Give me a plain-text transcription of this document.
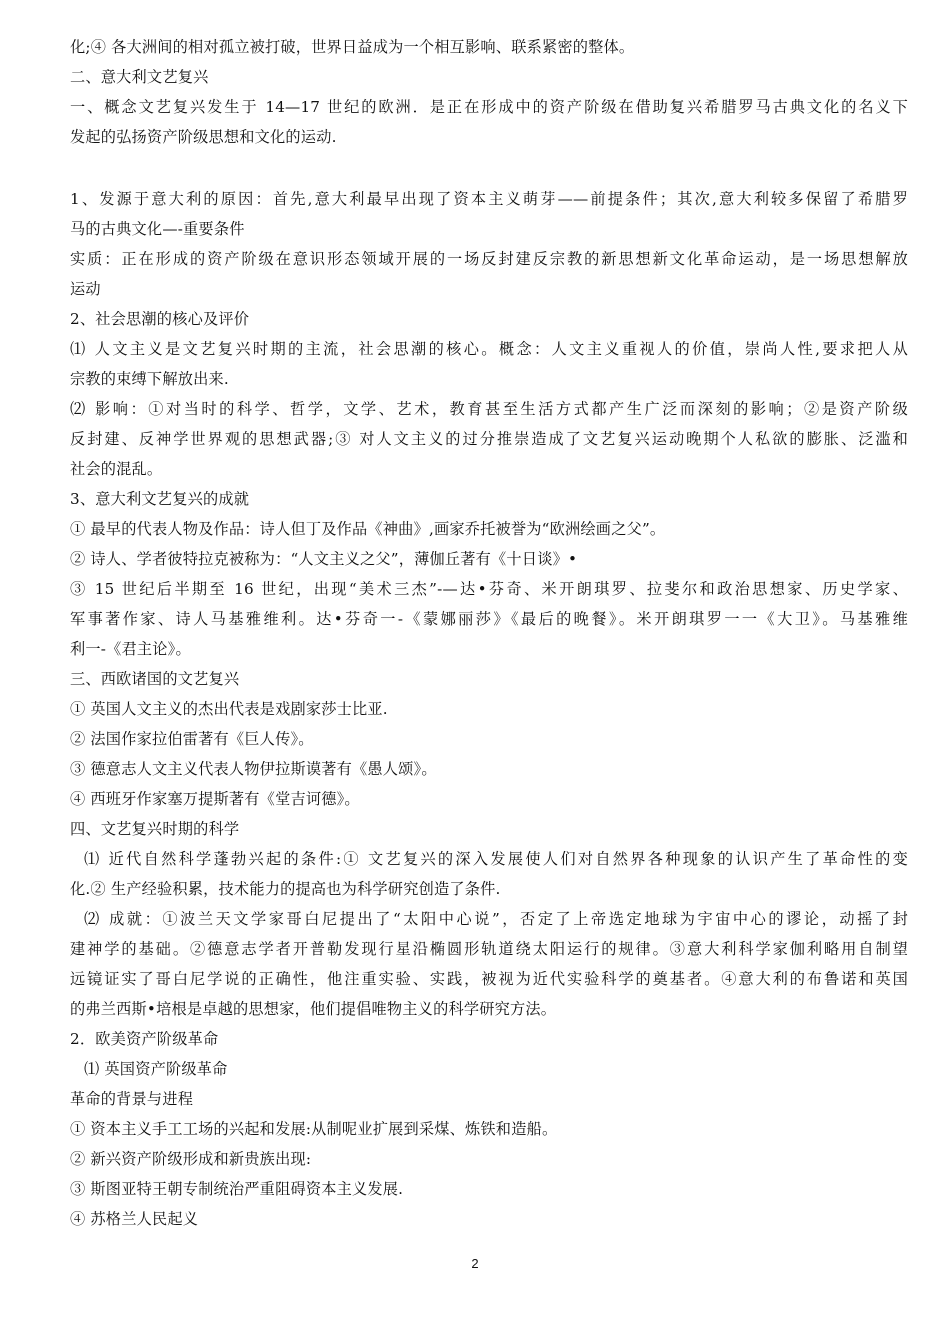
化;④ 各大洲间的相对孤立被打破，世界日益成为一个相互影响、联系紧密的整体。
二、意大利文艺复兴
一、概念文艺复兴发生于 14—17 世纪的欧洲．是正在形成中的资产阶级在借助复兴希腊罗马古典文化的名义下
发起的弘扬资产阶级思想和文化的运动.
1、发源于意大利的原因：首先,意大利最早出现了资本主义萌芽——前提条件；其次,意大利较多保留了希腊罗
马的古典文化—-重要条件
实质：正在形成的资产阶级在意识形态领域开展的一场反封建反宗教的新思想新文化革命运动，是一场思想解放
运动
2、社会思潮的核心及评价
⑴ 人文主义是文艺复兴时期的主流，社会思潮的核心。概念：人文主义重视人的价值，崇尚人性,要求把人从
宗教的束缚下解放出来.
⑵ 影响：①对当时的科学、哲学，文学、艺术，教育甚至生活方式都产生广泛而深刻的影响；②是资产阶级
反封建、反神学世界观的思想武器;③ 对人文主义的过分推崇造成了文艺复兴运动晚期个人私欲的膨胀、泛滥和
社会的混乱。
3、意大利文艺复兴的成就
① 最早的代表人物及作品：诗人但丁及作品《神曲》,画家乔托被誉为“欧洲绘画之父”。
② 诗人、学者彼特拉克被称为：“人文主义之父”，薄伽丘著有《十日谈》•
③ 15 世纪后半期至 16 世纪，出现“美术三杰”-—达•芬奇、米开朗琪罗、拉斐尔和政治思想家、历史学家、
军事著作家、诗人马基雅维利。达•芬奇一-《蒙娜丽莎》《最后的晚餐》。米开朗琪罗一一《大卫》。马基雅维
利一-《君主论》。
三、西欧诸国的文艺复兴
① 英国人文主义的杰出代表是戏剧家莎士比亚.
② 法国作家拉伯雷著有《巨人传》。
③ 德意志人文主义代表人物伊拉斯谟著有《愚人颂》。
④ 西班牙作家塞万提斯著有《堂吉诃德》。
四、文艺复兴时期的科学
⑴ 近代自然科学蓬勃兴起的条件:① 文艺复兴的深入发展使人们对自然界各种现象的认识产生了革命性的变
化.② 生产经验积累，技术能力的提高也为科学研究创造了条件.
⑵ 成就：①波兰天文学家哥白尼提出了“太阳中心说”，否定了上帝选定地球为宇宙中心的谬论，动摇了封
建神学的基础。②德意志学者开普勒发现行星沿椭圆形轨道绕太阳运行的规律。③意大利科学家伽利略用自制望
远镜证实了哥白尼学说的正确性，他注重实验、实践，被视为近代实验科学的奠基者。④意大利的布鲁诺和英国
的弗兰西斯•培根是卓越的思想家，他们提倡唯物主义的科学研究方法。
2．欧美资产阶级革命
⑴ 英国资产阶级革命
革命的背景与进程
① 资本主义手工工场的兴起和发展:从制呢业扩展到采煤、炼铁和造船。
② 新兴资产阶级形成和新贵族出现:
③ 斯图亚特王朝专制统治严重阻碍资本主义发展.
④ 苏格兰人民起义
2
